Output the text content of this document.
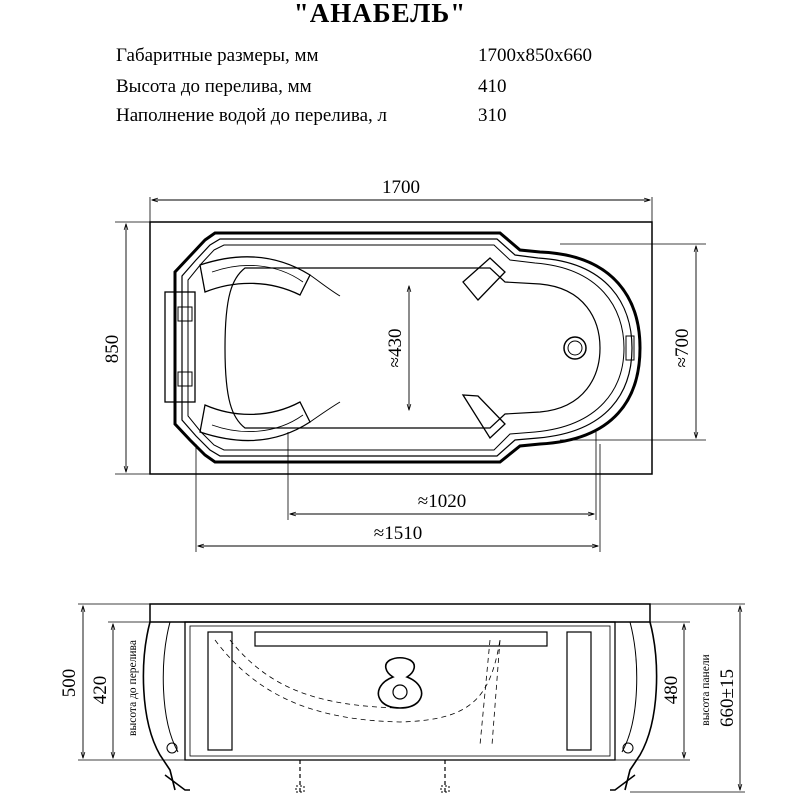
"АНАБЕЛЬ"
Габаритные размеры, мм	1700x850x660
Высота до перелива, мм	410
Наполнение водой до перелива, л	310
1700
850	≈700
≈430
≈1020
≈1510
500 420 высота до перелива	480 высота панели 660±15
